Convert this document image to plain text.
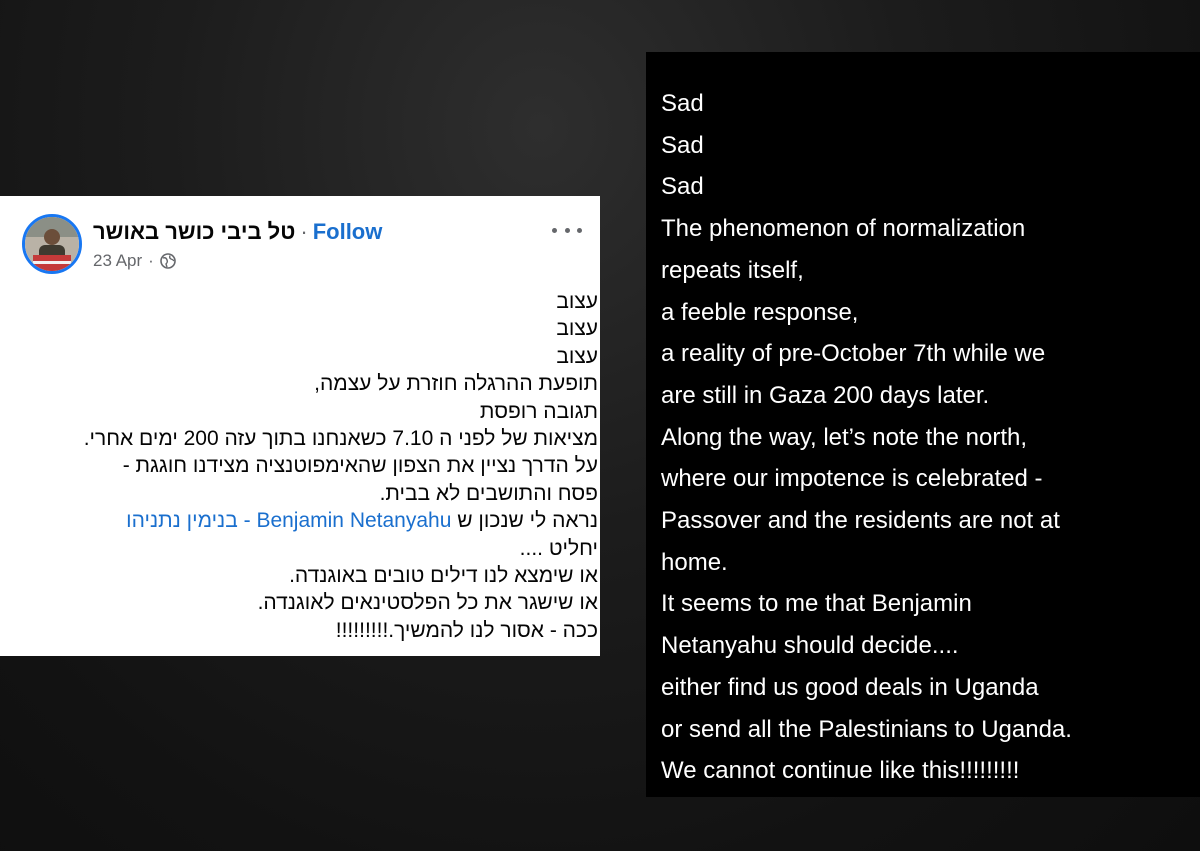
טל ביבי כושר באושר · Follow
23 Apr ·

עצוב

עצוב

עצוב

תופעת ההרגלה חוזרת על עצמה,

תגובה רופסת

מציאות של לפני ה 7.10 כשאנחנו בתוך עזה 200 ימים אחרי.

על הדרך נציין את הצפון שהאימפוטנציה מצידנו חוגגת -

פסח והתושבים לא בבית.

נראה לי שנכון ש Benjamin Netanyahu - בנימין נתניהו

יחליט ....

או שימצא לנו דילים טובים באוגנדה.

או שישגר את כל הפלסטינאים לאוגנדה.

ככה - אסור לנו להמשיך.!!!!!!!!!

Sad

Sad

Sad

The phenomenon of normalization

repeats itself,

a feeble response,

a reality of pre-October 7th while we

are still in Gaza 200 days later.

Along the way, let’s note the north,

where our impotence is celebrated -

Passover and the residents are not at

home.

It seems to me that Benjamin

Netanyahu should decide....

either find us good deals in Uganda

or send all the Palestinians to Uganda.

We cannot continue like this!!!!!!!!!
